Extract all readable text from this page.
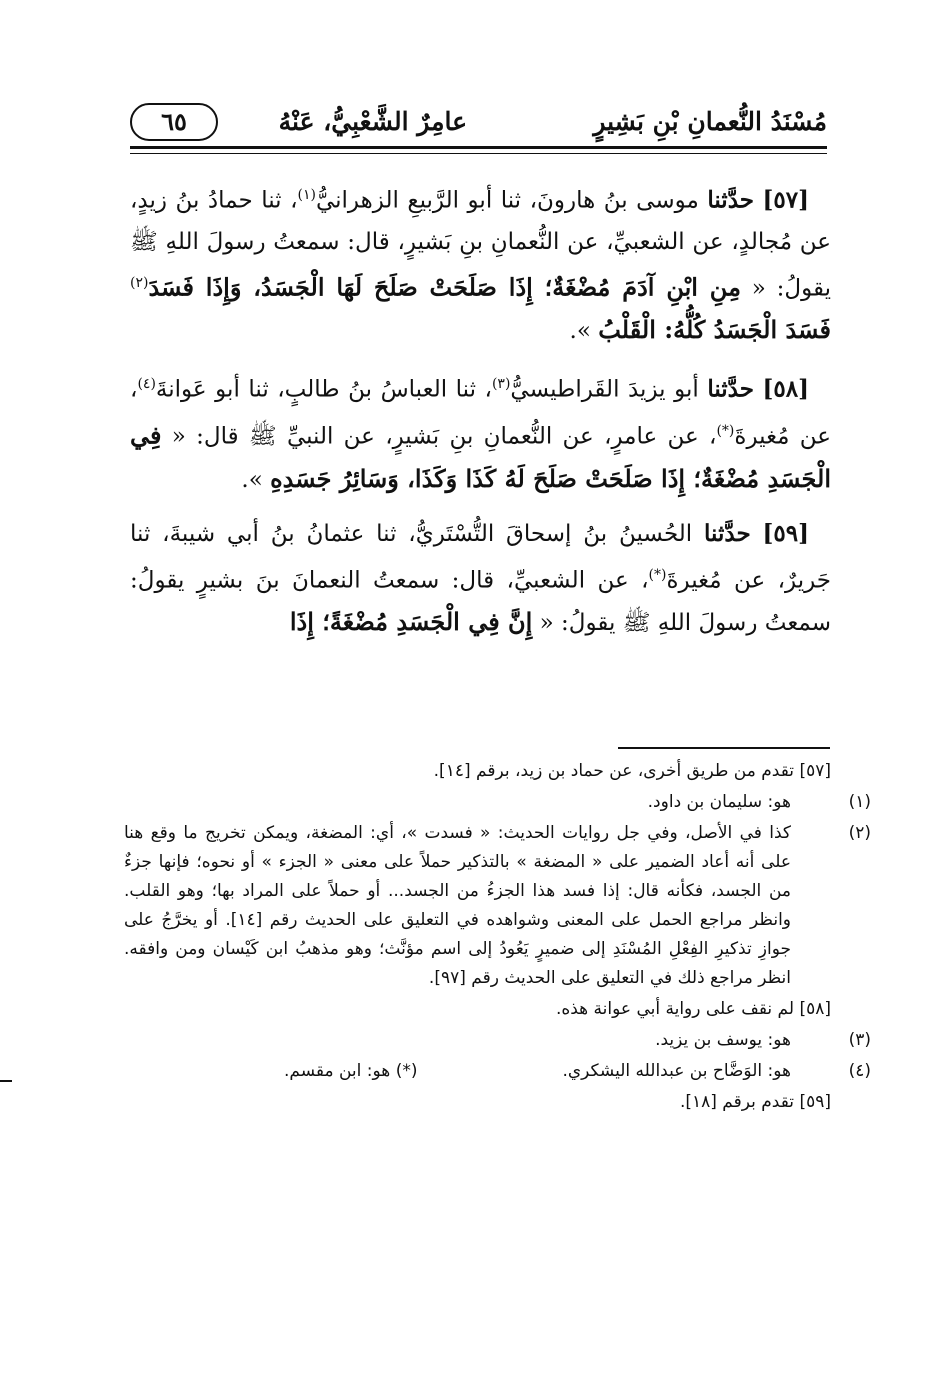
مُسْنَدُ النُّعمانِ بْنِ بَشِيرٍ
عامِرٌ الشَّعْبِيُّ، عَنْهُ
٦٥

[٥٧] حدَّثنا موسى بنُ هارونَ، ثنا أبو الرَّبيعِ الزهرانيُّ$^{(١)}$، ثنا حمادُ بنُ زيدٍ، عن مُجالدٍ، عن الشعبيِّ، عن النُّعمانِ بنِ بَشيرٍ، قال: سمعتُ رسولَ اللهِ ﷺ يقولُ: « مِنِ ابْنِ آدَمَ مُضْغَةٌ؛ إِذَا صَلَحَتْ صَلَحَ لَهَا الْجَسَدُ، وَإِذَا فَسَدَ$^{(٢)}$ فَسَدَ الْجَسَدُ كُلُّهُ: الْقَلْبُ ».

[٥٨] حدَّثنا أبو يزيدَ القَراطيسيُّ$^{(٣)}$، ثنا العباسُ بنُ طالبٍ، ثنا أبو عَوانةَ$^{(٤)}$، عن مُغيرةَ(*)، عن عامرٍ، عن النُّعمانِ بنِ بَشيرٍ، عن النبيِّ ﷺ قال: « فِي الْجَسَدِ مُضْغَةٌ؛ إِذَا صَلَحَتْ صَلَحَ لَهُ كَذَا وَكَذَا، وَسَائِرُ جَسَدِهِ ».

[٥٩] حدَّثنا الحُسينُ بنُ إسحاقَ التُّسْتَريُّ، ثنا عثمانُ بنُ أبي شيبةَ، ثنا جَريرٌ، عن مُغيرةَ(*)، عن الشعبيِّ، قال: سمعتُ النعمانَ بنَ بشيرٍ يقولُ: سمعتُ رسولَ اللهِ ﷺ يقولُ: « إِنَّ فِي الْجَسَدِ مُضْغَةً؛ إِذَا

[٥٧] تقدم من طريق أخرى، عن حماد بن زيد، برقم [١٤].
(١)هو: سليمان بن داود.
(٢)كذا في الأصل، وفي جل روايات الحديث: « فسدت »، أي: المضغة، ويمكن تخريج ما وقع هنا على أنه أعاد الضمير على « المضغة » بالتذكير حملاً على معنى « الجزء » أو نحوه؛ فإنها جزءٌ من الجسد، فكأنه قال: إذا فسد هذا الجزءُ من الجسد... أو حملاً على المراد بها؛ وهو القلب. وانظر مراجع الحمل على المعنى وشواهده في التعليق على الحديث رقم [١٤]. أو يخرَّجُ على جوازِ تذكيرِ الفِعْلِ المُسْنَدِ إلى ضميرٍ يَعُودُ إلى اسم مؤنَّث؛ وهو مذهبُ ابن كَيْسان ومن وافقه. انظر مراجع ذلك في التعليق على الحديث رقم [٩٧].
[٥٨] لم نقف على رواية أبي عوانة هذه.
(٣)هو: يوسف بن يزيد.
(٤)هو: الوَضَّاح بن عبدالله اليشكري.
(*) هو: ابن مقسم.
[٥٩] تقدم برقم [١٨].
